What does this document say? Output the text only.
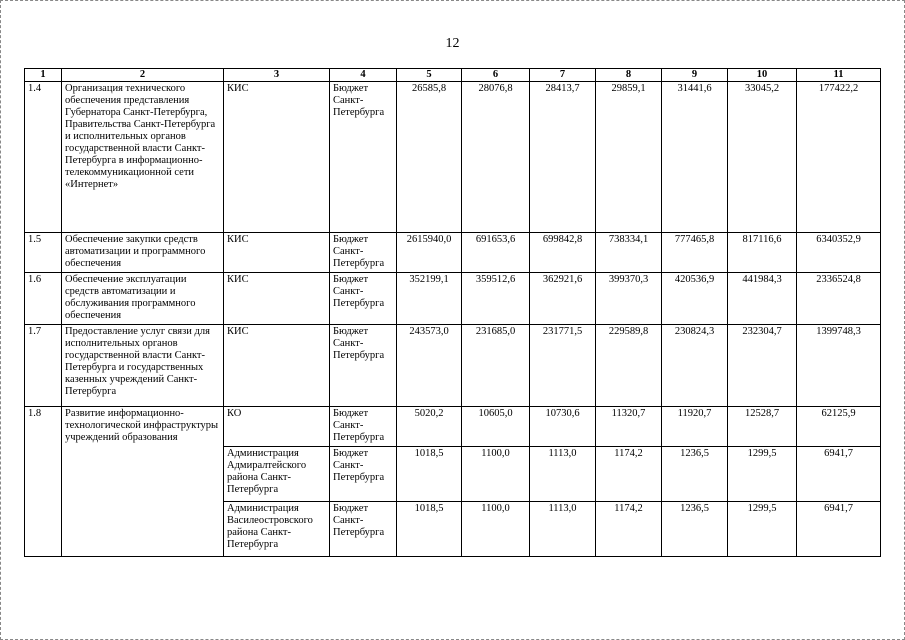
12
1	2	3	4	5	6	7	8	9	10	11
1.4	Организация технического обеспечения представления Губернатора Санкт-Петербурга, Правительства Санкт-Петербурга и исполнительных органов государственной власти Санкт-Петербурга в информационно-телекоммуникационной сети «Интернет»	КИС	Бюджет Санкт-Петербурга	26585,8	28076,8	28413,7	29859,1	31441,6	33045,2	177422,2
1.5	Обеспечение закупки средств автоматизации и программного обеспечения	КИС	Бюджет Санкт-Петербурга	2615940,0	691653,6	699842,8	738334,1	777465,8	817116,6	6340352,9
1.6	Обеспечение эксплуатации средств автоматизации и обслуживания программного обеспечения	КИС	Бюджет Санкт-Петербурга	352199,1	359512,6	362921,6	399370,3	420536,9	441984,3	2336524,8
1.7	Предоставление услуг связи для исполнительных органов государственной власти Санкт-Петербурга и государственных казенных учреждений Санкт-Петербурга	КИС	Бюджет Санкт-Петербурга	243573,0	231685,0	231771,5	229589,8	230824,3	232304,7	1399748,3
1.8	Развитие информационно-технологической инфраструктуры учреждений образования	КО	Бюджет Санкт-Петербурга	5020,2	10605,0	10730,6	11320,7	11920,7	12528,7	62125,9
		Администрация Адмиралтейского района Санкт-Петербурга	Бюджет Санкт-Петербурга	1018,5	1100,0	1113,0	1174,2	1236,5	1299,5	6941,7
		Администрация Василеостровского района Санкт-Петербурга	Бюджет Санкт-Петербурга	1018,5	1100,0	1113,0	1174,2	1236,5	1299,5	6941,7
